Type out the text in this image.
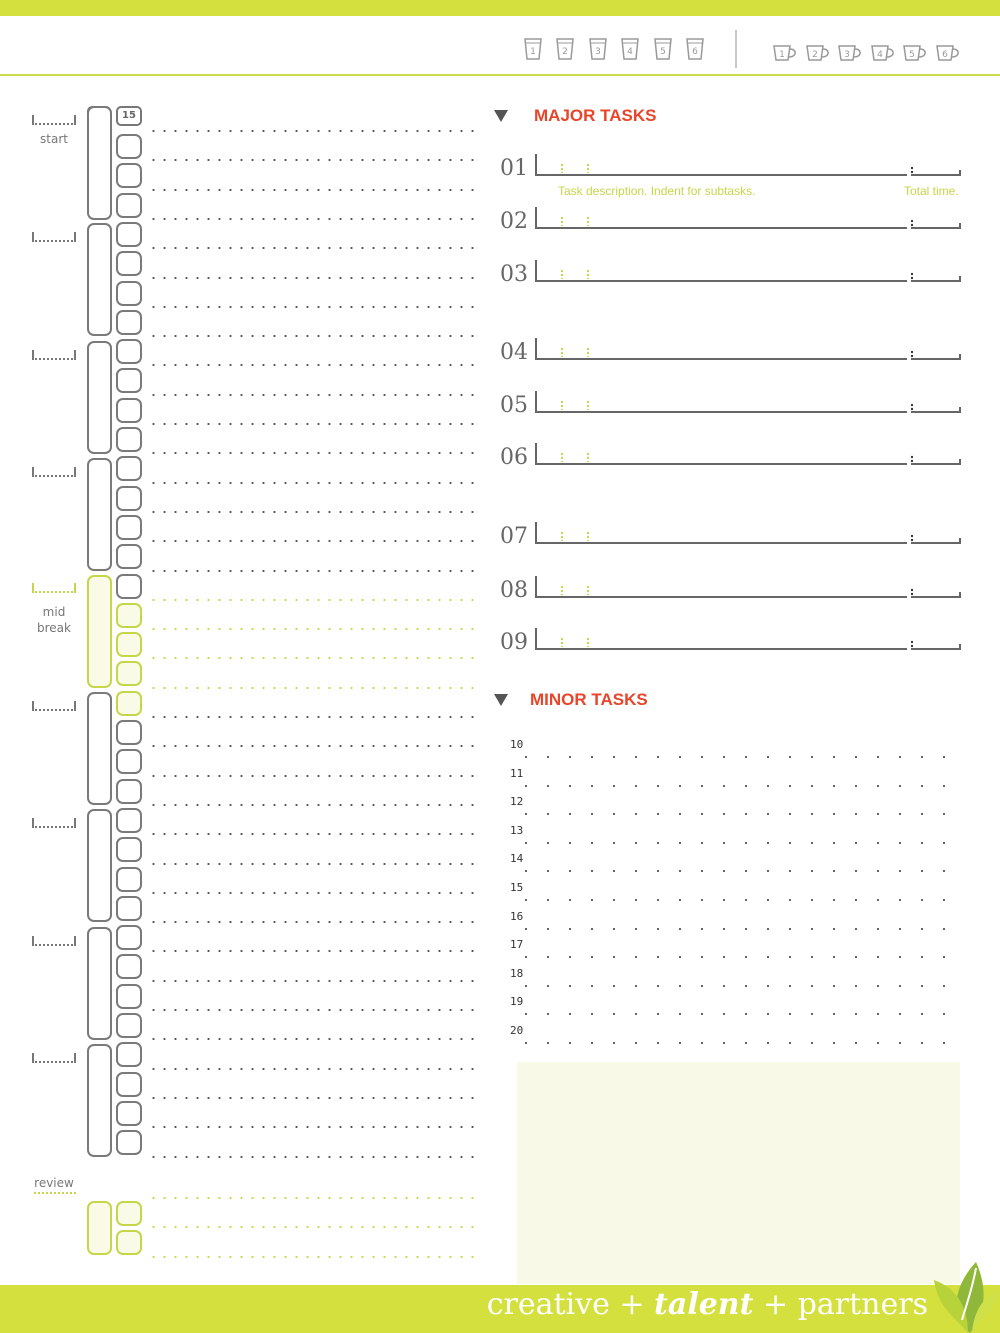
1	2	3	4	5	6	1	2	3	4	5	6
15
start
mid
break
review
MAJOR TASKS
01
02
03
04
05
06
07
08
09
Task description. Indent for subtasks.	Total time.
MINOR TASKS
10
11
12
13
14
15
16
17
18
19
20
creative + talent + partners
